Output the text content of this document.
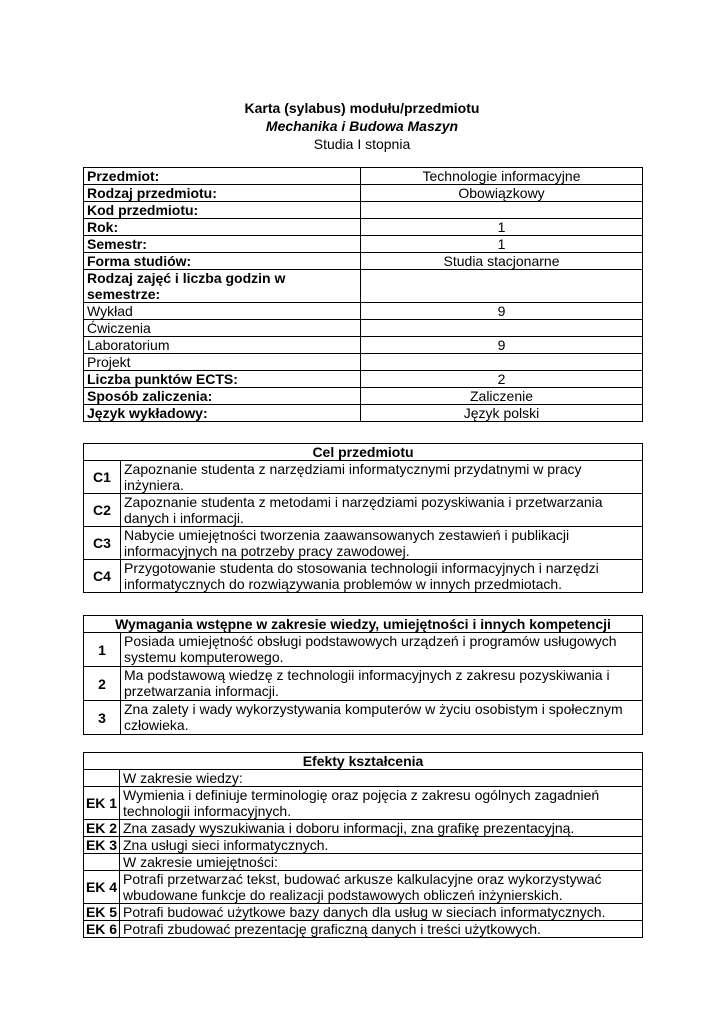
Karta (sylabus) modułu/przedmiotu
Mechanika i Budowa Maszyn
Studia I stopnia
Przedmiot:	Technologie informacyjne
Rodzaj przedmiotu:	Obowiązkowy
Kod przedmiotu:	
Rok:	1
Semestr:	1
Forma studiów:	Studia stacjonarne
Rodzaj zajęć i liczba godzin w semestrze:	
Wykład	9
Ćwiczenia	
Laboratorium	9
Projekt	
Liczba punktów ECTS:	2
Sposób zaliczenia:	Zaliczenie
Język wykładowy:	Język polski
Cel przedmiotu	
C1	Zapoznanie studenta z narzędziami informatycznymi przydatnymi w pracy inżyniera.
C2	Zapoznanie studenta z metodami i narzędziami pozyskiwania i przetwarzania danych i informacji.
C3	Nabycie umiejętności tworzenia zaawansowanych zestawień i publikacji informacyjnych na potrzeby pracy zawodowej.
C4	Przygotowanie studenta do stosowania technologii informacyjnych i narzędzi informatycznych do rozwiązywania problemów w innych przedmiotach.
Wymagania wstępne w zakresie wiedzy, umiejętności i innych kompetencji	
1	Posiada umiejętność obsługi podstawowych urządzeń i programów usługowych systemu komputerowego.
2	Ma podstawową wiedzę z technologii informacyjnych z zakresu pozyskiwania i przetwarzania informacji.
3	Zna zalety i wady wykorzystywania komputerów w życiu osobistym i społecznym człowieka.
Efekty kształcenia	
	W zakresie wiedzy:
EK 1	Wymienia i definiuje terminologię oraz pojęcia z zakresu ogólnych zagadnień technologii informacyjnych.
EK 2	Zna zasady wyszukiwania i doboru informacji, zna grafikę prezentacyjną.
EK 3	Zna usługi sieci informatycznych.
	W zakresie umiejętności:
EK 4	Potrafi przetwarzać tekst, budować arkusze kalkulacyjne oraz wykorzystywać wbudowane funkcje do realizacji podstawowych obliczeń inżynierskich.
EK 5	Potrafi budować użytkowe bazy danych dla usług w sieciach informatycznych.
EK 6	Potrafi zbudować prezentację graficzną danych i treści użytkowych.
